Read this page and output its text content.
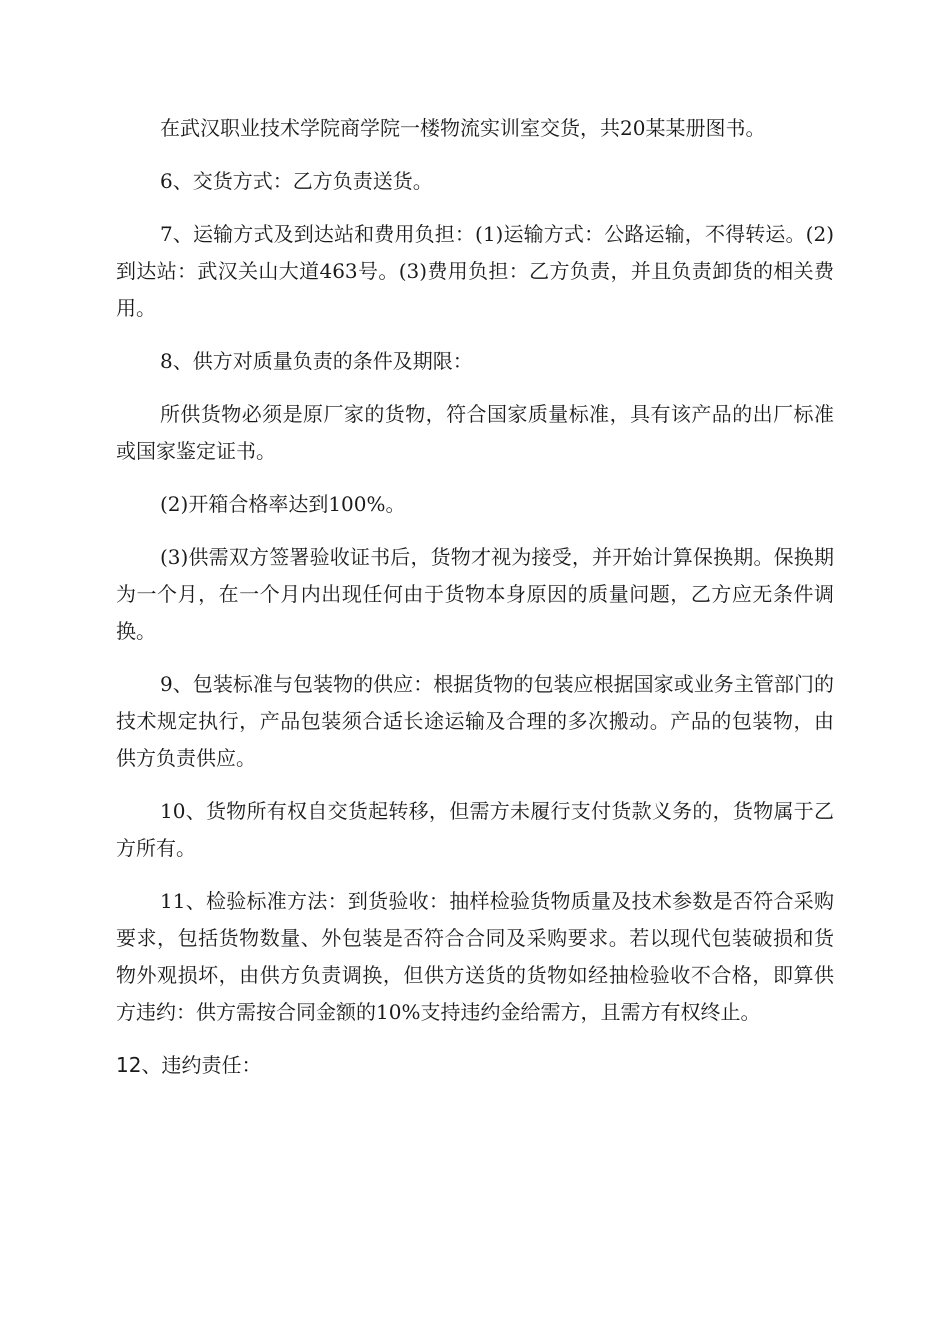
在武汉职业技术学院商学院一楼物流实训室交货，共20某某册图书。

6、交货方式：乙方负责送货。

7、运输方式及到达站和费用负担：(1)运输方式：公路运输，不得转运。(2)到达站：武汉关山大道463号。(3)费用负担：乙方负责，并且负责卸货的相关费用。

8、供方对质量负责的条件及期限：

所供货物必须是原厂家的货物，符合国家质量标准，具有该产品的出厂标准或国家鉴定证书。

(2)开箱合格率达到100%。

(3)供需双方签署验收证书后，货物才视为接受，并开始计算保换期。保换期为一个月，在一个月内出现任何由于货物本身原因的质量问题，乙方应无条件调换。

9、包装标准与包装物的供应：根据货物的包装应根据国家或业务主管部门的技术规定执行，产品包装须合适长途运输及合理的多次搬动。产品的包装物，由供方负责供应。

10、货物所有权自交货起转移，但需方未履行支付货款义务的，货物属于乙方所有。

11、检验标准方法：到货验收：抽样检验货物质量及技术参数是否符合采购要求，包括货物数量、外包装是否符合合同及采购要求。若以现代包装破损和货物外观损坏，由供方负责调换，但供方送货的货物如经抽检验收不合格，即算供方违约：供方需按合同金额的10%支持违约金给需方，且需方有权终止。

12、违约责任：
